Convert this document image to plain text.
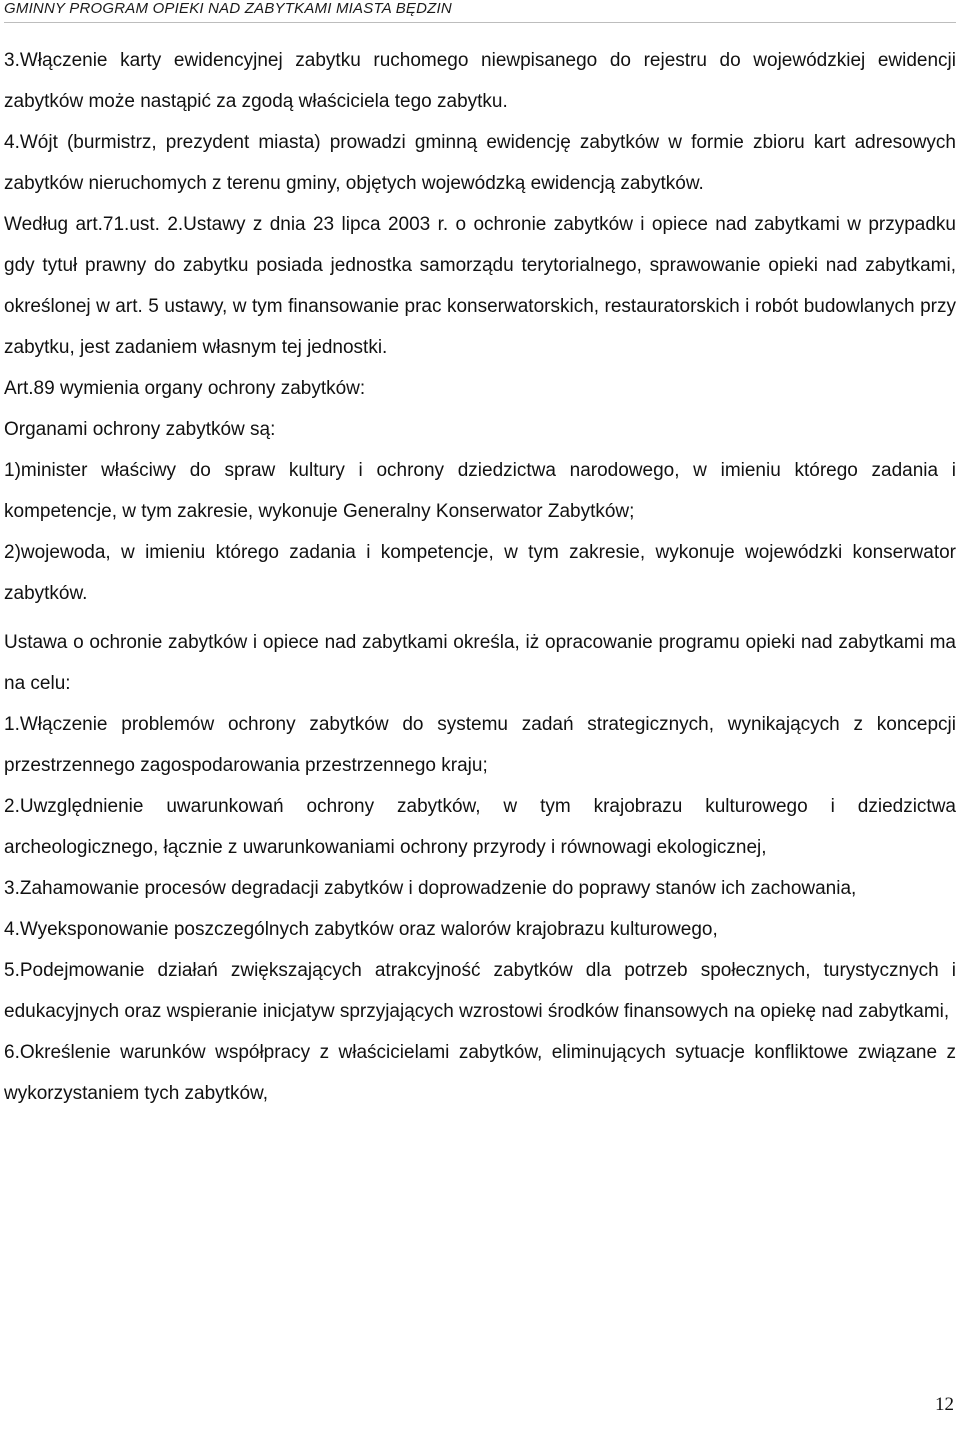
GMINNY PROGRAM OPIEKI NAD ZABYTKAMI MIASTA BĘDZIN

3.Włączenie karty ewidencyjnej zabytku ruchomego niewpisanego do rejestru do wojewódzkiej ewidencji zabytków może nastąpić za zgodą właściciela tego zabytku.

4.Wójt (burmistrz, prezydent miasta) prowadzi gminną ewidencję zabytków w formie zbioru kart adresowych zabytków nieruchomych z terenu gminy, objętych wojewódzką ewidencją zabytków.

Według art.71.ust. 2.Ustawy z dnia 23 lipca 2003 r. o ochronie zabytków i opiece nad zabytkami w przypadku gdy tytuł prawny do zabytku posiada jednostka samorządu terytorialnego, sprawowanie opieki nad zabytkami, określonej w art. 5 ustawy, w tym finansowanie prac konserwatorskich, restauratorskich i robót budowlanych przy zabytku, jest zadaniem własnym tej jednostki.

Art.89 wymienia organy ochrony zabytków:

Organami ochrony zabytków są:

1)minister właściwy do spraw kultury i ochrony dziedzictwa narodowego, w imieniu którego zadania i kompetencje, w tym zakresie, wykonuje Generalny Konserwator Zabytków;

2)wojewoda, w imieniu którego zadania i kompetencje, w tym zakresie, wykonuje wojewódzki konserwator zabytków.

Ustawa o ochronie zabytków i opiece nad zabytkami określa, iż opracowanie programu opieki nad zabytkami ma na celu:

1.Włączenie problemów ochrony zabytków do systemu zadań strategicznych, wynikających z koncepcji przestrzennego zagospodarowania przestrzennego kraju;

2.Uwzględnienie uwarunkowań ochrony zabytków, w tym krajobrazu kulturowego i dziedzictwa archeologicznego, łącznie z uwarunkowaniami ochrony przyrody i równowagi ekologicznej,

3.Zahamowanie procesów degradacji zabytków i doprowadzenie do poprawy stanów ich zachowania,

4.Wyeksponowanie poszczególnych zabytków oraz walorów krajobrazu kulturowego,

5.Podejmowanie działań zwiększających atrakcyjność zabytków dla potrzeb społecznych, turystycznych i edukacyjnych oraz wspieranie inicjatyw sprzyjających wzrostowi środków finansowych na opiekę nad zabytkami,

6.Określenie warunków współpracy z właścicielami zabytków, eliminujących sytuacje konfliktowe związane z wykorzystaniem tych zabytków,

12
